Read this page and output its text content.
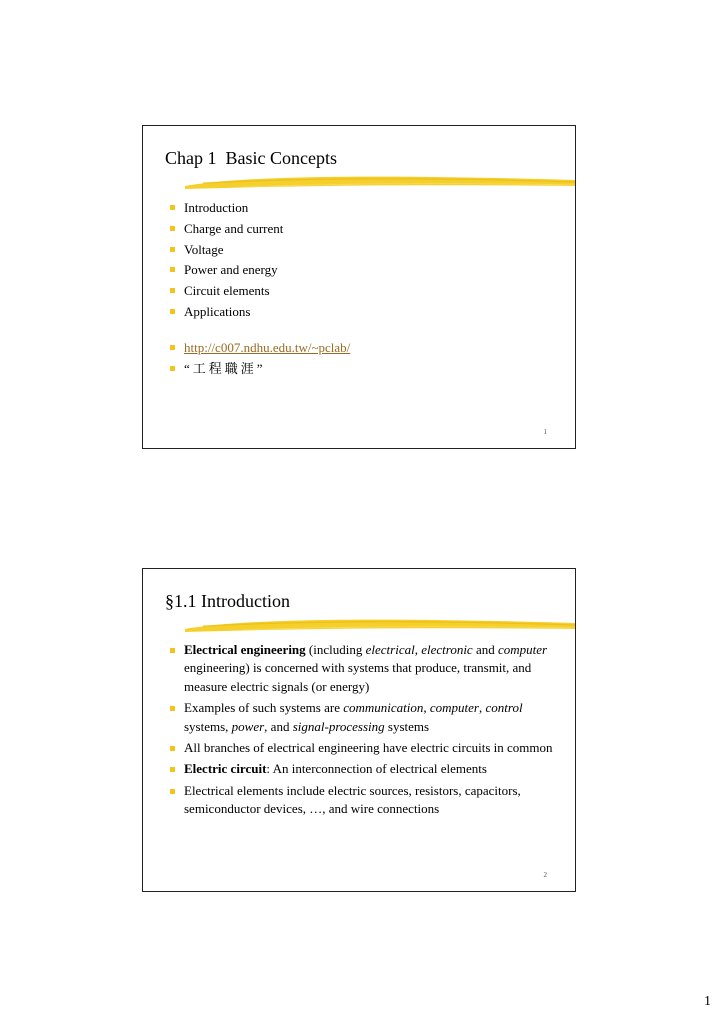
Chap 1  Basic Concepts
Introduction
Charge and current
Voltage
Power and energy
Circuit elements
Applications
http://c007.ndhu.edu.tw/~pclab/
“工程職涯”
1
§1.1 Introduction
Electrical engineering (including electrical, electronic and computer engineering) is concerned with systems that produce, transmit, and measure electric signals (or energy)
Examples of such systems are communication, computer, control systems, power, and signal-processing systems
All branches of electrical engineering have electric circuits in common
Electric circuit: An interconnection of electrical elements
Electrical elements include electric sources, resistors, capacitors, semiconductor devices, …, and wire connections
2
1
